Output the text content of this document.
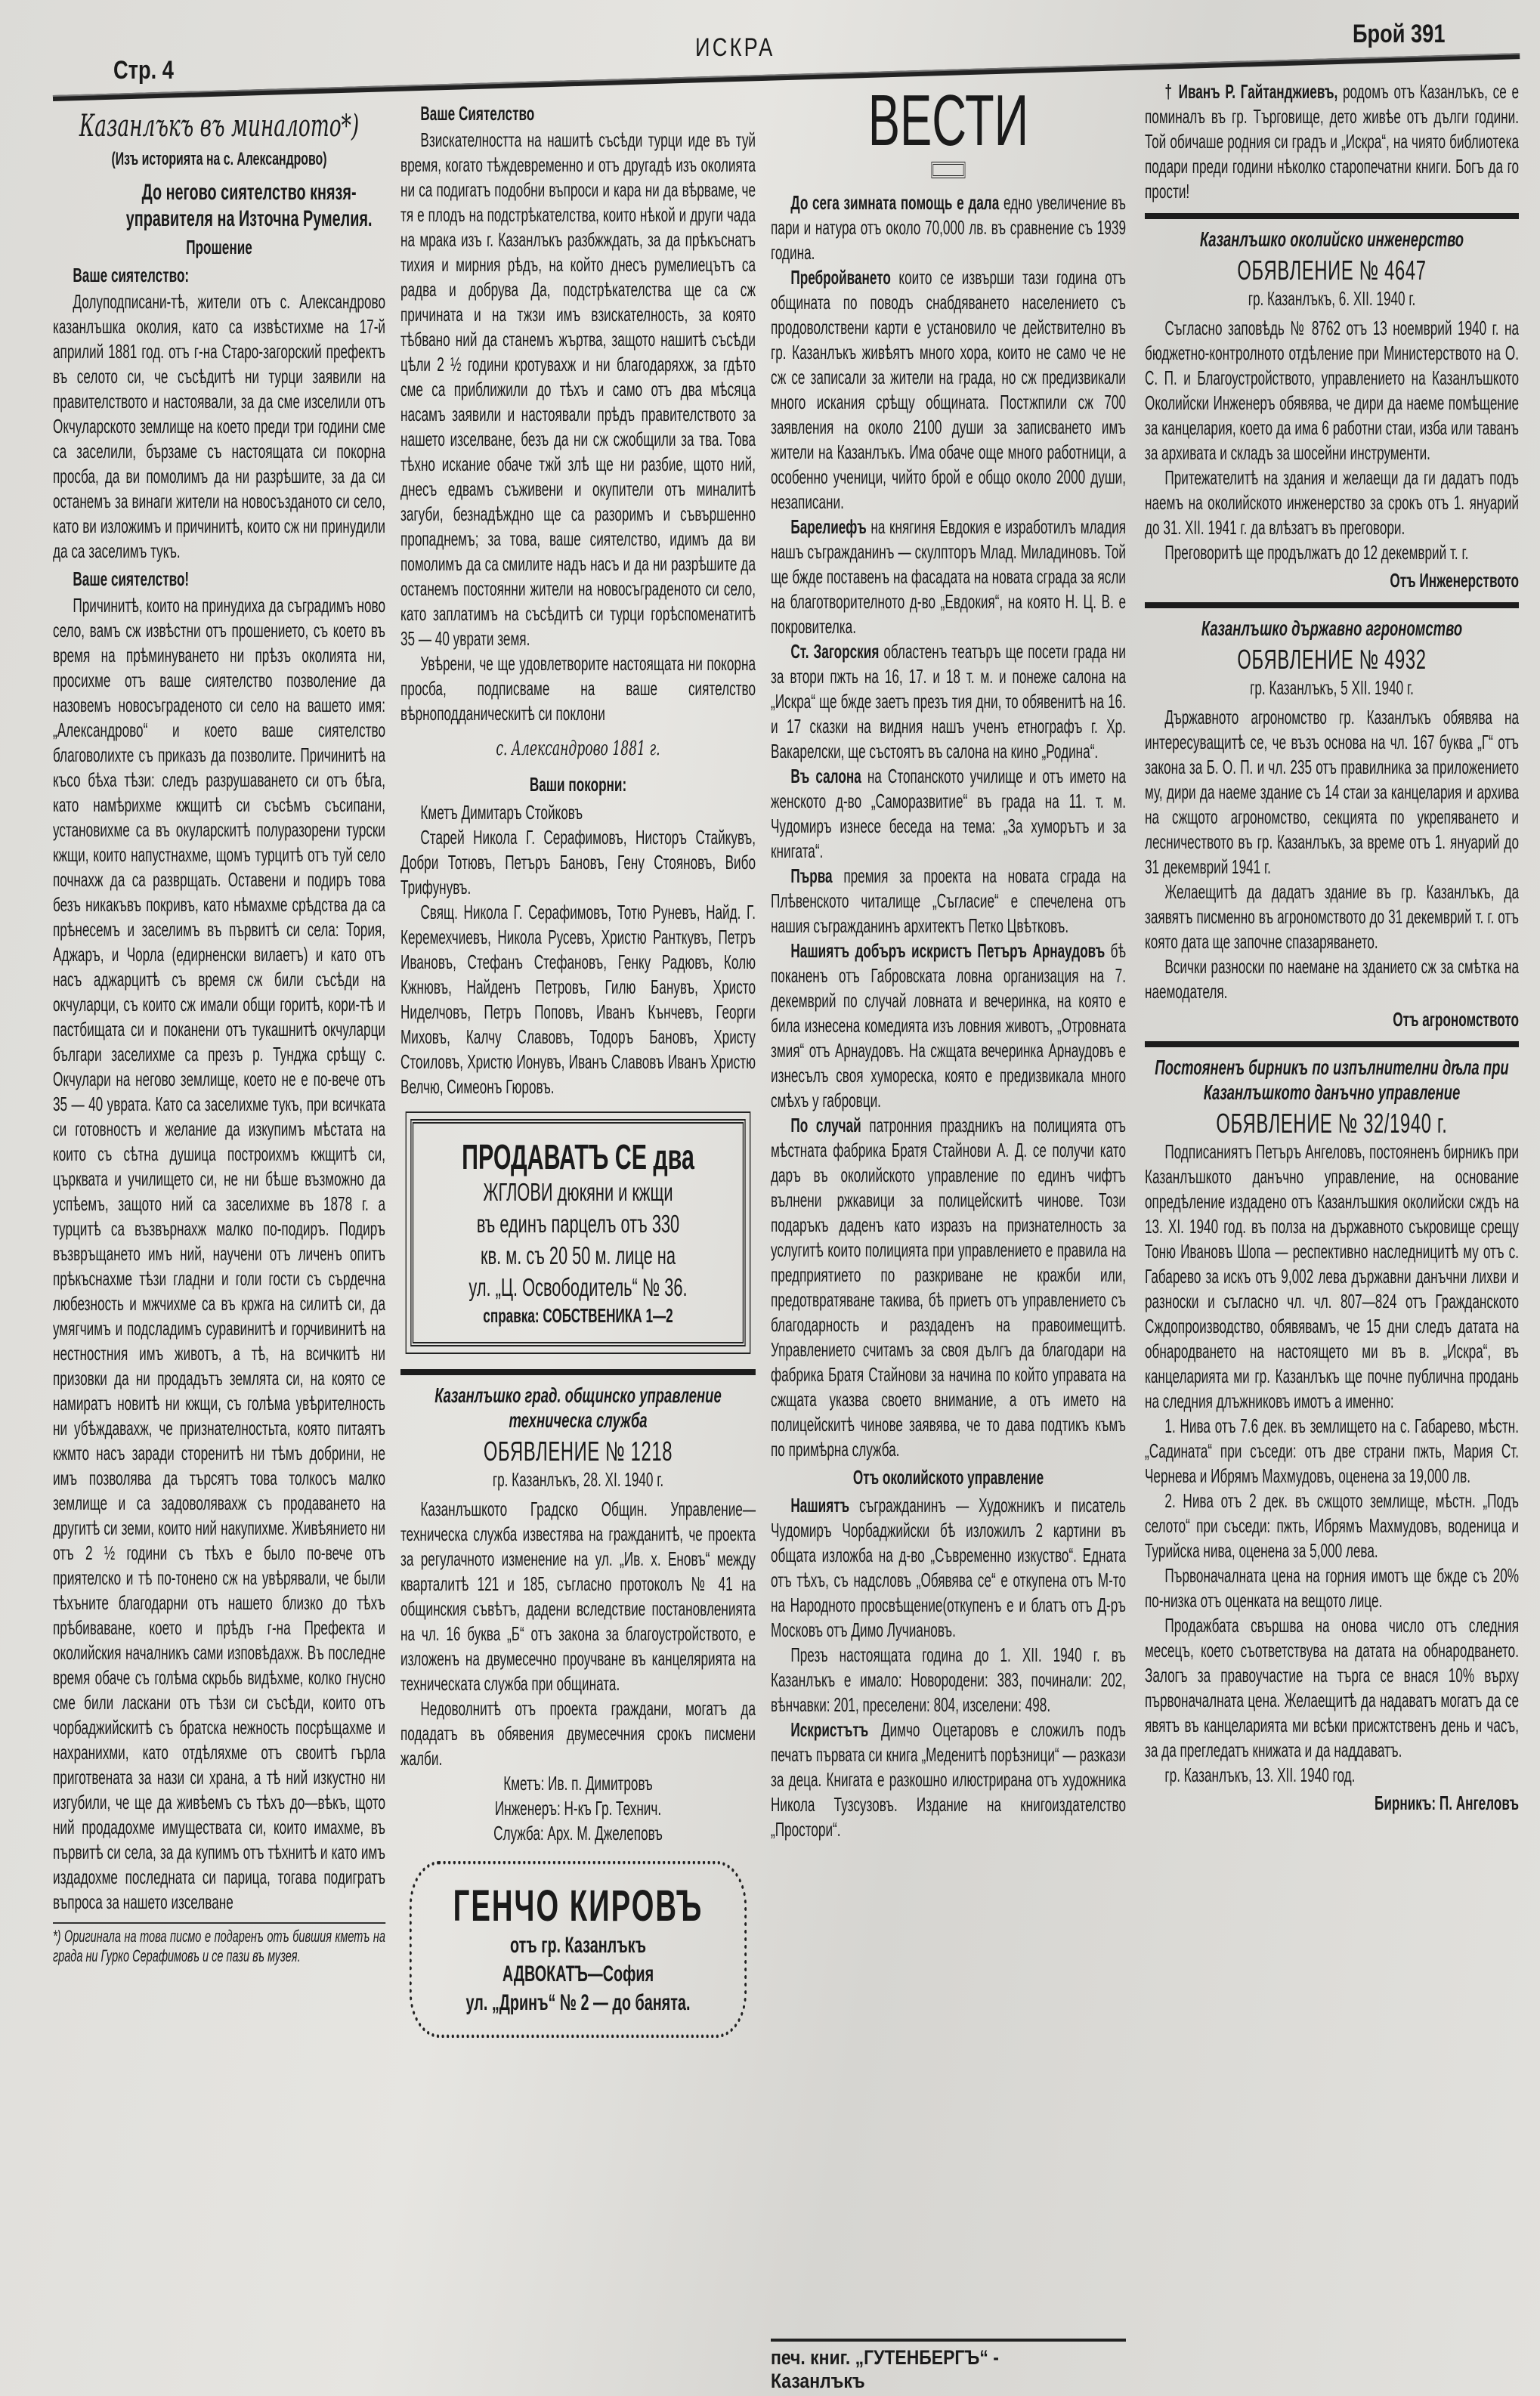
Стр. 4
ИСКРА	Брой 391
Казанлъкъ въ миналото*)
(Изъ историята на с. Александрово)
До негово сиятелство князя-управителя на Източна Румелия.
Прошение
Ваше сиятелство:

Долуподписани-тѣ, жители отъ с. Александрово казанлъшка околия, като са извѣстихме на 17-й априлий 1881 год. отъ г-на Старо-загорский префектъ въ селото си, че съсѣдитѣ ни турци заявили на правителството и настоявали, за да сме изселили отъ Окчуларското землище на което преди три години сме са заселили, бързаме съ настоящата си покорна просба, да ви помолимъ да ни разрѣшите, за да си останемъ за винаги жители на новосъзданото си село, като ви изложимъ и причинитѣ, които сж ни принудили да са заселимъ тукъ.

Ваше сиятелство!

Причинитѣ, които на принудиха да съградимъ ново село, вамъ сж извѣстни отъ прошението, съ което въ время на прѣминуването ни прѣзъ околията ни, просихме отъ ваше сиятелство позволение да назовемъ новосъграденото си село на вашето имя: „Александрово“ и което ваше сиятелство благоволихте съ приказъ да позволите. Причинитѣ на късо бѣха тѣзи: следъ разрушаването си отъ бѣга, като намѣрихме кжщитѣ си съсѣмъ съсипани, установихме са въ окуларскитѣ полуразорени турски кжщи, които напустнахме, щомъ турцитѣ отъ туй село почнахж да са разврщать. Оставени и подиръ това безъ никакъвъ покривъ, като нѣмахме срѣдства да са прѣнесемъ и заселимъ въ първитѣ си села: Тория, Аджаръ, и Чорла (едирненски вилаетъ) и като отъ насъ аджарцитѣ съ время сж били съсѣди на окчуларци, съ които сж имали общи горитѣ, кори-тѣ и пастбищата си и поканени отъ тукашнитѣ окчуларци българи заселихме са презъ р. Тунджа срѣщу с. Окчулари на негово землище, което не е по-вече отъ 35 — 40 уврата. Като са заселихме тукъ, при всичката си готовностъ и желание да изкупимъ мѣстата на които съ сѣтна душица построихмъ кжщитѣ си, църквата и училището си, не ни бѣше възможно да успѣемъ, защото ний са заселихме въ 1878 г. а турцитѣ са възвърнахж малко по-подиръ. Подиръ възвръщането имъ ний, научени отъ личенъ опитъ прѣкъснахме тѣзи гладни и голи гости съ сърдечна любезность и мжчихме са въ кржга на силитѣ си, да умягчимъ и подсладимъ суравинитѣ и горчивинитѣ на нестностния имъ животъ, а тѣ, на всичкитѣ ни призовки да ни продадътъ землята си, на която се намиратъ новитѣ ни кжщи, съ голѣма увѣрителность ни убѣждавахж, че признателностьта, която питаятъ кжмто насъ заради сторенитѣ ни тѣмъ добрини, не имъ позволява да търсятъ това толкосъ малко землище и са задоволявахж съ продаването на другитѣ си земи, които ний накупихме. Живѣянието ни отъ 2 ½ години съ тѣхъ е было по-вече отъ приятелско и тѣ по-тонено сж на увѣрявали, че были тѣхъните благодарни отъ нашето близко до тѣхъ прѣбиваване, което и прѣдъ г-на Префекта и околийския началникъ сами изповѣдахж. Въ последне время обаче съ голѣма скрьбь видѣхме, колко гнусно сме били ласкани отъ тѣзи си съсѣди, които отъ чорбаджийскитѣ съ братска нежность посрѣщахме и нахранихми, като отдѣляхме отъ своитѣ гърла приготвената за нази си храна, а тѣ ний изкустно ни изгубили, че ще да живѣемъ съ тѣхъ до—вѣкъ, щото ний продадохме имуществата си, които имахме, въ първитѣ си села, за да купимъ отъ тѣхнитѣ и като имъ издадохме последната си парица, тогава подигратъ въпроса за нашето изселване

*) Оригинала на това писмо е подаренъ отъ бившия кметъ на града ни Гурко Серафимовъ и се пази въ музея.
Ваше Сиятелство

Взискателността на нашитѣ съсѣди турци иде въ туй время, когато тѣждевременно и отъ другадѣ изъ околията ни са подигатъ подобни въпроси и кара ни да вѣрваме, че тя е плодъ на подстрѣкателства, които нѣкой и други чада на мрака изъ г. Казанлъкъ разбжждать, за да прѣкъснатъ тихия и мирния рѣдъ, на който днесъ румелиецътъ са радва и добрува Да, подстрѣкателства ще са сж причината и на тжзи имъ взискателность, за която тѣбвано ний да станемъ жъртва, защото нашитѣ съсѣди цѣли 2 ½ години кротувахж и ни благодаряхж, за гдѣто сме са приближили до тѣхъ и само отъ два мѣсяца насамъ заявили и настоявали прѣдъ правителството за нашето изселване, безъ да ни сж сжобщили за тва. Това тѣхно искание обаче тжй злѣ ще ни разбие, щото ний, днесъ едвамъ съживени и окупители отъ миналитѣ загуби, безнадѣждно ще са разоримъ и съвършенно пропаднемъ; за това, ваше сиятелство, идимъ да ви помолимъ да са смилите надъ насъ и да ни разрѣшите да останемъ постоянни жители на новосъграденото си село, като заплатимъ на съсѣдитѣ си турци горѣспоменатитѣ 35 — 40 уврати земя.

Увѣрени, че ще удовлетворите настоящата ни покорна просба, подписваме на ваше сиятелство вѣрноподданическитѣ си поклони

с. Александрово 1881 г.
Ваши покорни:
Кметъ Димитаръ Стойковъ

Старей Никола Г. Серафимовъ, Нисторъ Стайкувъ, Добри Тотювъ, Петъръ Бановъ, Гену Стояновъ, Вибо Трифунувъ.

Свящ. Никола Г. Серафимовъ, Тотю Руневъ, Найд. Г. Керемехчиевъ, Никола Русевъ, Христю Ранткувъ, Петръ Ивановъ, Стефанъ Стефановъ, Генку Радювъ, Колю Кжнювъ, Найденъ Петровъ, Гилю Банувъ, Христо Ниделчовъ, Петръ Поповъ, Иванъ Кънчевъ, Георги Миховъ, Калчу Славовъ, Тодоръ Бановъ, Христу Стоиловъ, Христю Ионувъ, Иванъ Славовъ Иванъ Христю Велчю, Симеонъ Гюровъ.

ПРОДАВАТЪ СЕ два
ЖГЛОВИ дюкяни и кжщи
въ единъ парцелъ отъ 330
кв. м. съ 20 50 м. лице на
ул. „Ц. Освободитель“ № 36.
справка: СОБСТВЕНИКА 1—2
Казанлъшко град. общинско управление техническа служба
ОБЯВЛЕНИЕ № 1218
гр. Казанлъкъ, 28. XI. 1940 г.

Казанлъшкото Градско Общин. Управление—техническа служба известява на гражданитѣ, че проекта за регулачното изменение на ул. „Ив. х. Еновъ“ между кварталитѣ 121 и 185, съгласно протоколъ № 41 на общинския съвѣтъ, дадени вследствие постановленията на чл. 16 буква „Б“ отъ закона за благоустройството, е изложенъ на двумесечно проучване въ канцелярията на техническата служба при общината.

Недоволнитѣ отъ проекта граждани, могатъ да подадатъ въ обявения двумесечния срокъ писмени жалби.

Кметъ: Ив. п. Димитровъ
Инженеръ: Н-къ Гр. Технич.
Служба: Арх. М. Джелеповъ
ГЕНЧО КИРОВЪ
отъ гр. Казанлъкъ
АДВОКАТЪ—София
ул. „Дринъ“ № 2 — до банята.
ВЕСТИ

До сега зимната помощь е дала едно увеличение въ пари и натура отъ около 70,000 лв. въ сравнение съ 1939 година.

Пребройването които се извърши тази година отъ общината по поводъ снабдяването населението съ продоволствени карти е установило че действително въ гр. Казанлъкъ живѣятъ много хора, които не само че не сж се записали за жители на града, но сж предизвикали много искания срѣщу общината. Постжпили сж 700 заявления на около 2100 души за записването имъ жители на Казанлъкъ. Има обаче още много работници, а особенно ученици, чийто брой е общо около 2000 души, незаписани.

Барелиефъ на княгиня Евдокия е изработилъ младия нашъ съгражданинъ — скулпторъ Млад. Миладиновъ. Той ще бжде поставенъ на фасадата на новата сграда за ясли на благотворителното д-во „Евдокия“, на която Н. Ц. В. е покровителка.

Ст. Загорския областенъ театъръ ще посети града ни за втори пжть на 16, 17. и 18 т. м. и понеже салона на „Искра“ ще бжде заетъ презъ тия дни, то обявенитѣ на 16. и 17 сказки на видния нашъ ученъ етнографъ г. Хр. Вакарелски, ще състоятъ въ салона на кино „Родина“.

Въ салона на Стопанското училище и отъ името на женското д-во „Саморазвитие“ въ града на 11. т. м. Чудомиръ изнесе беседа на тема: „За хуморътъ и за книгата“.

Първа премия за проекта на новата сграда на Плѣвенското читалище „Съгласие“ е спечелена отъ нашия съгражданинъ архитектъ Петко Цвѣтковъ.

Нашиятъ добъръ искристъ Петъръ Арнаудовъ бѣ поканенъ отъ Габровската ловна организация на 7. декемврий по случай ловната и вечеринка, на която е била изнесена комедията изъ ловния животъ, „Отровната змия“ отъ Арнаудовъ. На сжщата вечеринка Арнаудовъ е изнесълъ своя хумореска, която е предизвикала много смѣхъ у габровци.

По случай патронния праздникъ на полицията отъ мѣстната фабрика Братя Стайнови А. Д. се получи като даръ въ околийското управление по единъ чифтъ вълнени ржкавици за полицейскитѣ чинове. Този подаръкъ даденъ като изразъ на признателность за услугитѣ които полицията при управлението е правила на предприятието по разкриване не кражби или, предотвратяване такива, бѣ приетъ отъ управлението съ благодарность и раздаденъ на правоимещитѣ. Управлението считамъ за своя дългъ да благодари на фабрика Братя Стайнови за начина по който управата на сжщата указва своето внимание, а отъ името на полицейскитѣ чинове заявява, че то дава подтикъ къмъ по примѣрна служба.

Отъ околийското управление

Нашиятъ съгражданинъ — Художникъ и писатель Чудомиръ Чорбаджийски бѣ изложилъ 2 картини въ общата изложба на д-во „Съвременно изкуство“. Едната отъ тѣхъ, съ надсловъ „Обявява се“ е откупена отъ М-то на Народното просвѣщение(откупенъ е и блатъ отъ Д-ръ Московъ отъ Димо Лучиановъ.

Презъ настоящата година до 1. XII. 1940 г. въ Казанлъкъ е имало: Новородени: 383, починали: 202, вѣнчавки: 201, преселени: 804, изселени: 498.

Искристътъ Димчо Оцетаровъ е сложилъ подъ печатъ първата си книга „Меденитѣ порѣзници“ — разкази за деца. Книгата е разкошно илюстрирана отъ художника Никола Тузсузовъ. Издание на книгоиздателство „Простори“.

† Иванъ Р. Гайтанджиевъ, родомъ отъ Казанлъкъ, се е поминалъ въ гр. Търговище, дето живѣе отъ дълги години. Той обичаше родния си градъ и „Искра“, на чиято библиотека подари преди години нѣколко старопечатни книги. Богъ да го прости!

Казанлъшко околийско инженерство
ОБЯВЛЕНИЕ № 4647
гр. Казанлъкъ, 6. XII. 1940 г.

Съгласно заповѣдь № 8762 отъ 13 ноемврий 1940 г. на бюджетно-контролното отдѣление при Министерството на О. С. П. и Благоустройството, управлението на Казанлъшкото Околийски Инженеръ обявява, че дири да наеме помѣщение за канцелария, което да има 6 работни стаи, изба или таванъ за архивата и складъ за шосейни инструменти.

Притежателитѣ на здания и желаещи да ги дадатъ подъ наемъ на околийското инженерство за срокъ отъ 1. януарий до 31. XII. 1941 г. да влѣзатъ въ преговори.

Преговоритѣ ще продължатъ до 12 декемврий т. г.

Отъ Инженерството
Казанлъшко държавно агрономство
ОБЯВЛЕНИЕ № 4932
гр. Казанлъкъ, 5 XII. 1940 г.

Държавното агрономство гр. Казанлъкъ обявява на интересуващитѣ се, че възъ основа на чл. 167 буква „Г“ отъ закона за Б. О. П. и чл. 235 отъ правилника за приложението му, дири да наеме здание съ 14 стаи за канцелария и архива на сжщото агрономство, секцията по укрепяването и лесничеството въ гр. Казанлъкъ, за време отъ 1. януарий до 31 декемврий 1941 г.

Желаещитѣ да дадатъ здание въ гр. Казанлъкъ, да заявятъ писменно въ агрономството до 31 декемврий т. г. отъ която дата ще започне спазаряването.

Всички разноски по наемане на зданието сж за смѣтка на наемодателя.

Отъ агрономството
Постояненъ бирникъ по изпълнителни дѣла при Казанлъшкото данъчно управление
ОБЯВЛЕНИЕ № 32/1940 г.

Подписаниятъ Петъръ Ангеловъ, постояненъ бирникъ при Казанлъшкото данъчно управление, на основание опредѣление издадено отъ Казанлъшкия околийски сждъ на 13. XI. 1940 год. въ полза на държавното съкровище срещу Тоню Ивановъ Шопа — респективно наследницитѣ му отъ с. Габарево за искъ отъ 9,002 лева държавни данъчни лихви и разноски и съгласно чл. чл. 807—824 отъ Гражданското Сждопроизводство, обявявамъ, че 15 дни следъ датата на обнародването на настоящето ми въ в. „Искра“, въ канцеларията ми гр. Казанлъкъ ще почне публична продань на следния длъжниковъ имотъ а именно:

1. Нива отъ 7.6 дек. въ землището на с. Габарево, мѣстн. „Садината“ при съседи: отъ две страни пжть, Мария Ст. Чернева и Ибрямъ Махмудовъ, оценена за 19,000 лв.

2. Нива отъ 2 дек. въ сжщото землище, мѣстн. „Подъ селото“ при съседи: пжть, Ибрямъ Махмудовъ, воденица и Турийска нива, оценена за 5,000 лева.

Първоначалната цена на горния имотъ ще бжде съ 20% по-низка отъ оценката на вещото лице.

Продажбата свършва на онова число отъ следния месецъ, което съответствува на датата на обнародването. Залогъ за правоучастие на търга се внася 10% върху първоначалната цена. Желаещитѣ да надаватъ могатъ да се явятъ въ канцеларията ми всѣки присжтственъ день и часъ, за да прегледатъ книжата и да наддаватъ.

гр. Казанлъкъ, 13. XII. 1940 год.

Бирникъ: П. Ангеловъ
печ. книг. „ГУТЕНБЕРГЪ“ - Казанлъкъ
